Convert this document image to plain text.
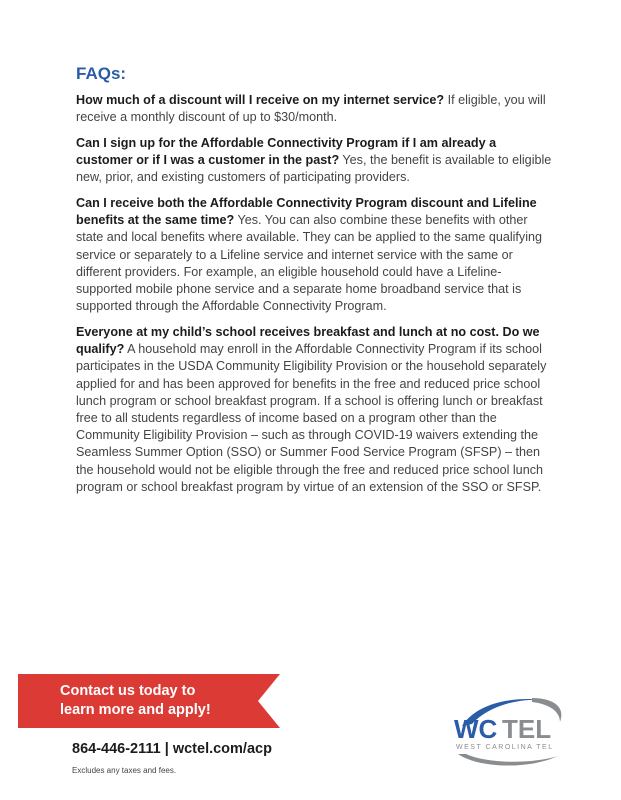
FAQs:

How much of a discount will I receive on my internet service? If eligible, you will receive a monthly discount of up to $30/month.

Can I sign up for the Affordable Connectivity Program if I am already a customer or if I was a customer in the past? Yes, the benefit is available to eligible new, prior, and existing customers of participating providers.

Can I receive both the Affordable Connectivity Program discount and Lifeline benefits at the same time? Yes. You can also combine these benefits with other state and local benefits where available. They can be applied to the same qualifying service or separately to a Lifeline service and internet service with the same or different providers. For example, an eligible household could have a Lifeline-supported mobile phone service and a separate home broadband service that is supported through the Affordable Connectivity Program.

Everyone at my child’s school receives breakfast and lunch at no cost. Do we qualify? A household may enroll in the Affordable Connectivity Program if its school participates in the USDA Community Eligibility Provision or the household separately applied for and has been approved for benefits in the free and reduced price school lunch program or school breakfast program. If a school is offering lunch or breakfast free to all students regardless of income based on a program other than the Community Eligibility Provision – such as through COVID-19 waivers extending the Seamless Summer Option (SSO) or Summer Food Service Program (SFSP) – then the household would not be eligible through the free and reduced price school lunch program or school breakfast program by virtue of an extension of the SSO or SFSP.

Contact us today to
learn more and apply!

864-446-2111 | wctel.com/acp
Excludes any taxes and fees.
WC TEL
WEST CAROLINA TEL
